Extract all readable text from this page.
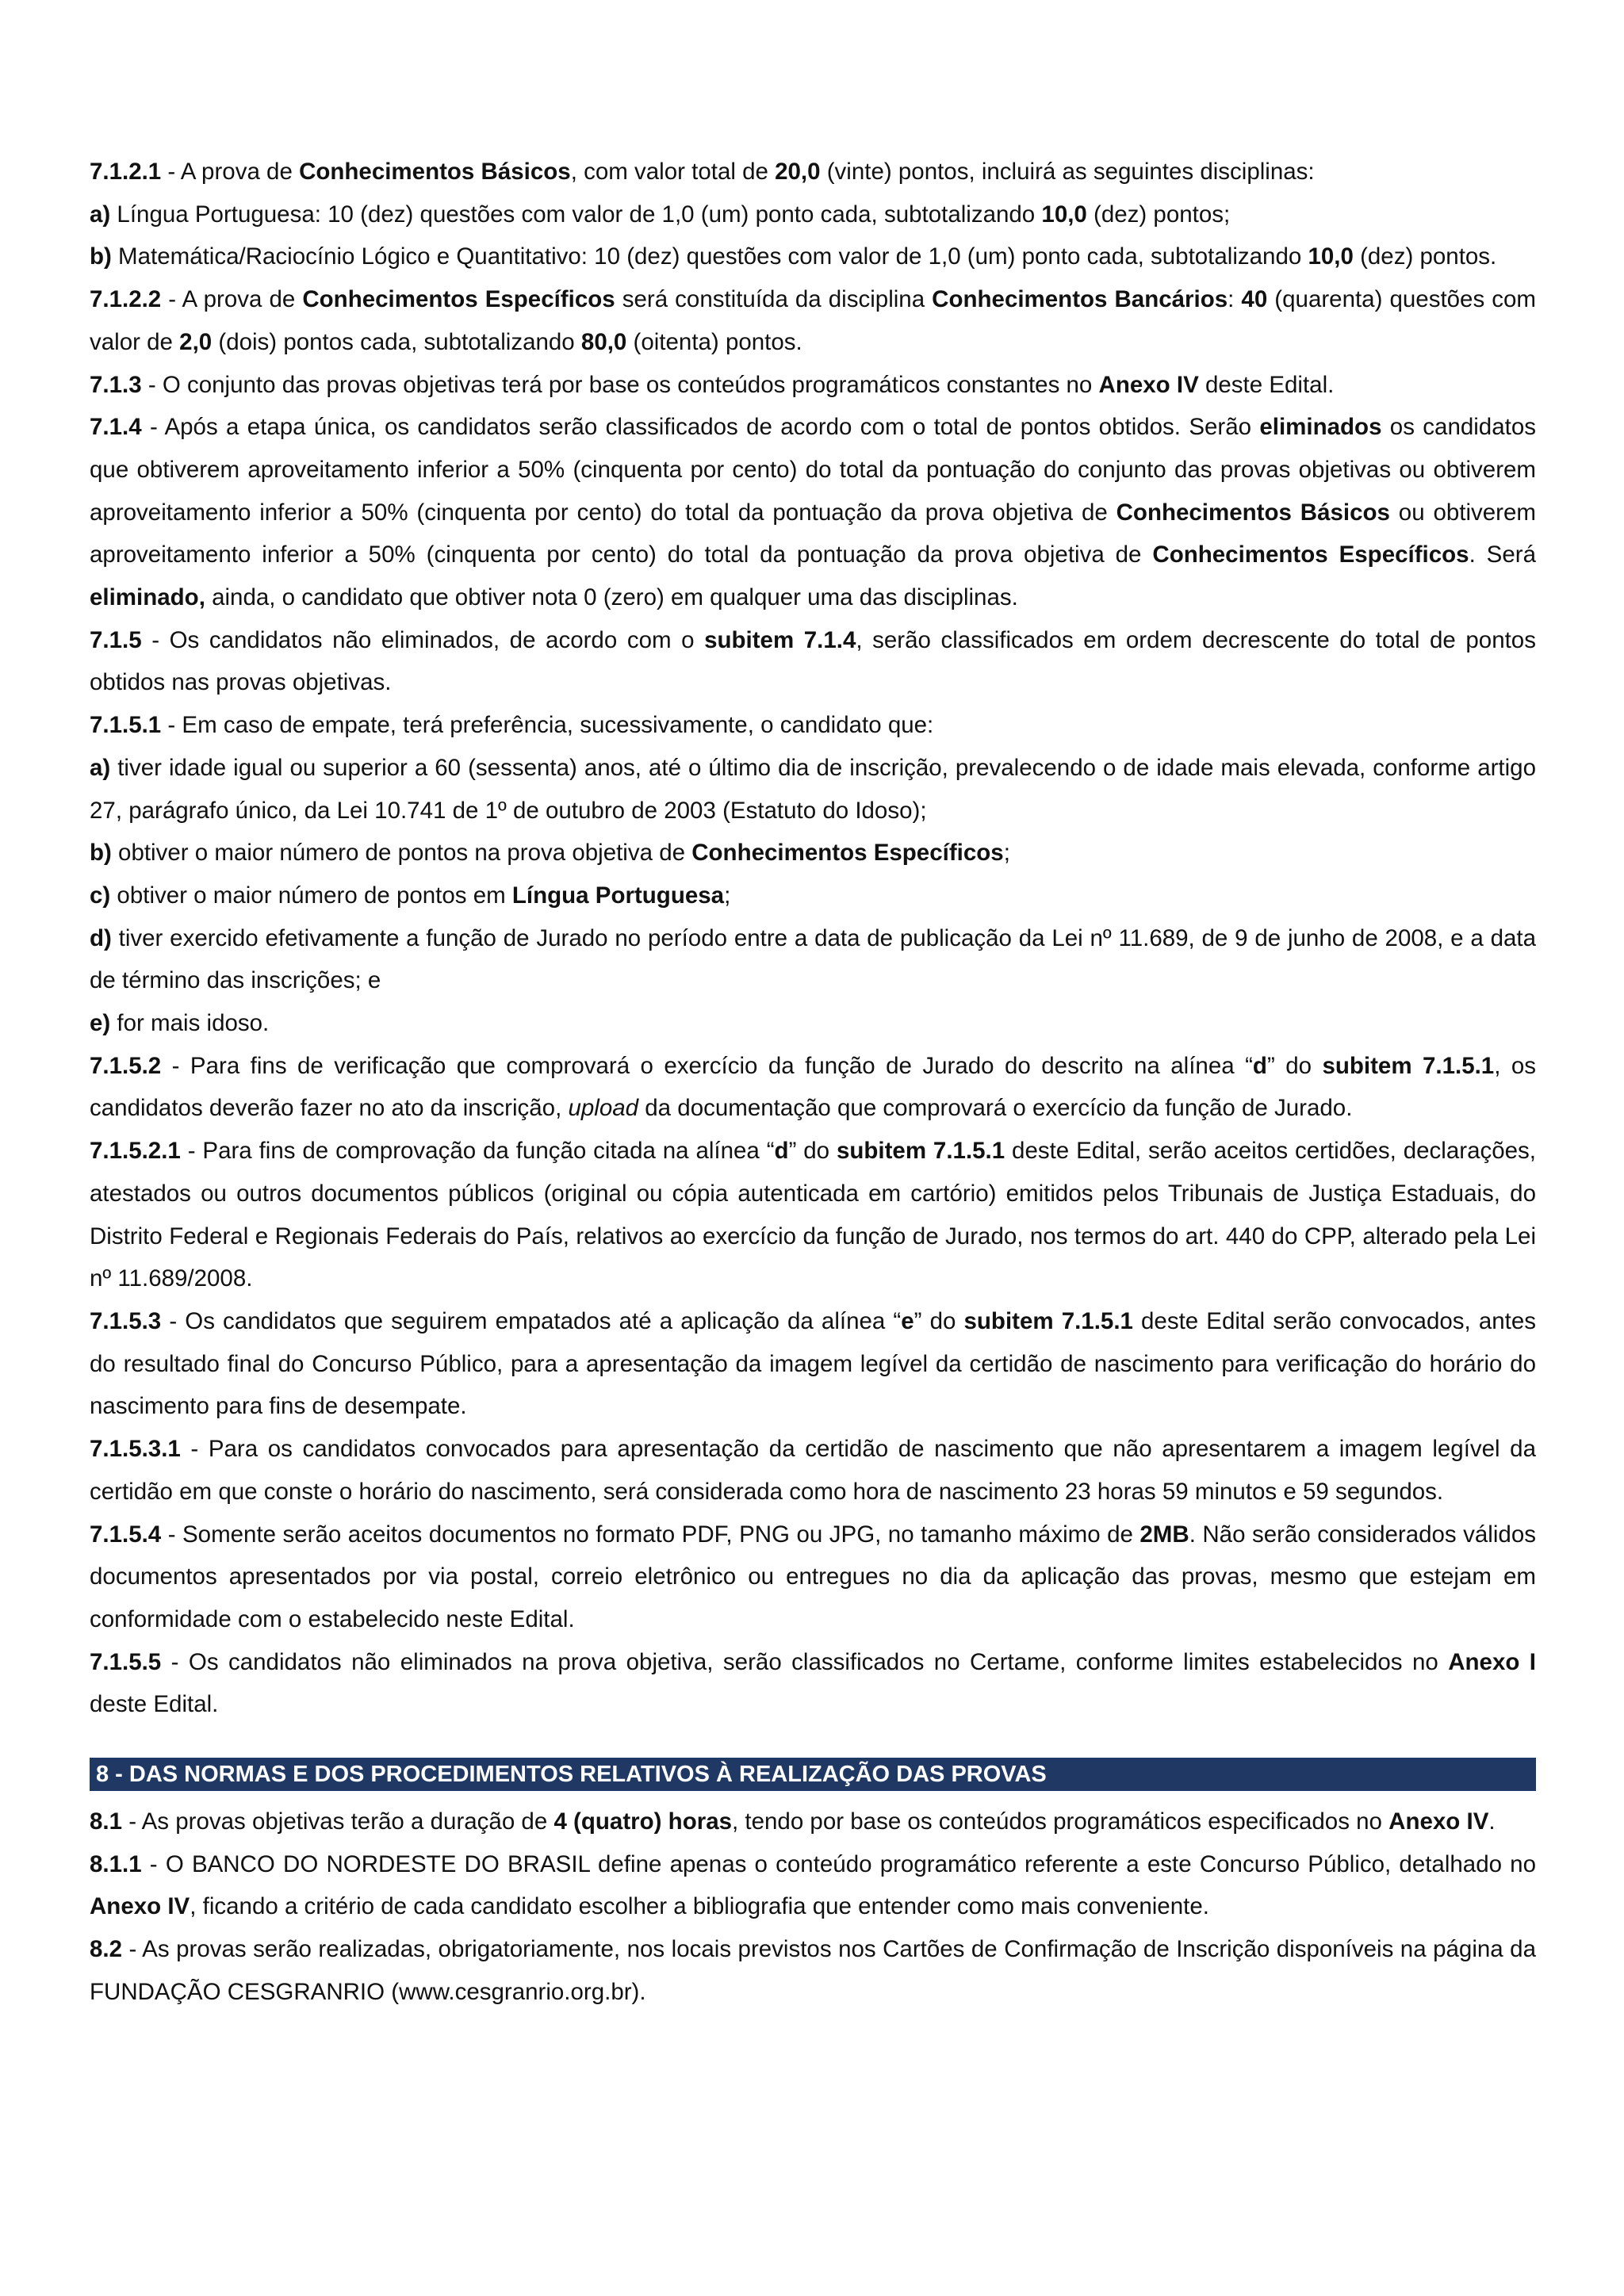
7.1.2.1 - A prova de Conhecimentos Básicos, com valor total de 20,0 (vinte) pontos, incluirá as seguintes disciplinas:

a) Língua Portuguesa: 10 (dez) questões com valor de 1,0 (um) ponto cada, subtotalizando 10,0 (dez) pontos;

b) Matemática/Raciocínio Lógico e Quantitativo: 10 (dez) questões com valor de 1,0 (um) ponto cada, subtotalizando 10,0 (dez) pontos.

7.1.2.2 - A prova de Conhecimentos Específicos será constituída da disciplina Conhecimentos Bancários: 40 (quarenta) questões com valor de 2,0 (dois) pontos cada, subtotalizando 80,0 (oitenta) pontos.

7.1.3 - O conjunto das provas objetivas terá por base os conteúdos programáticos constantes no Anexo IV deste Edital.

7.1.4 - Após a etapa única, os candidatos serão classificados de acordo com o total de pontos obtidos. Serão eliminados os candidatos que obtiverem aproveitamento inferior a 50% (cinquenta por cento) do total da pontuação do conjunto das provas objetivas ou obtiverem aproveitamento inferior a 50% (cinquenta por cento) do total da pontuação da prova objetiva de Conhecimentos Básicos ou obtiverem aproveitamento inferior a 50% (cinquenta por cento) do total da pontuação da prova objetiva de Conhecimentos Específicos. Será eliminado, ainda, o candidato que obtiver nota 0 (zero) em qualquer uma das disciplinas.

7.1.5 - Os candidatos não eliminados, de acordo com o subitem 7.1.4, serão classificados em ordem decrescente do total de pontos obtidos nas provas objetivas.

7.1.5.1 - Em caso de empate, terá preferência, sucessivamente, o candidato que:

a) tiver idade igual ou superior a 60 (sessenta) anos, até o último dia de inscrição, prevalecendo o de idade mais elevada, conforme artigo 27, parágrafo único, da Lei 10.741 de 1º de outubro de 2003 (Estatuto do Idoso);

b) obtiver o maior número de pontos na prova objetiva de Conhecimentos Específicos;

c) obtiver o maior número de pontos em Língua Portuguesa;

d) tiver exercido efetivamente a função de Jurado no período entre a data de publicação da Lei nº 11.689, de 9 de junho de 2008, e a data de término das inscrições; e

e) for mais idoso.

7.1.5.2 - Para fins de verificação que comprovará o exercício da função de Jurado do descrito na alínea “d” do subitem 7.1.5.1, os candidatos deverão fazer no ato da inscrição, upload da documentação que comprovará o exercício da função de Jurado.

7.1.5.2.1 - Para fins de comprovação da função citada na alínea “d” do subitem 7.1.5.1 deste Edital, serão aceitos certidões, declarações, atestados ou outros documentos públicos (original ou cópia autenticada em cartório) emitidos pelos Tribunais de Justiça Estaduais, do Distrito Federal e Regionais Federais do País, relativos ao exercício da função de Jurado, nos termos do art. 440 do CPP, alterado pela Lei nº 11.689/2008.

7.1.5.3 - Os candidatos que seguirem empatados até a aplicação da alínea “e” do subitem 7.1.5.1 deste Edital serão convocados, antes do resultado final do Concurso Público, para a apresentação da imagem legível da certidão de nascimento para verificação do horário do nascimento para fins de desempate.

7.1.5.3.1 - Para os candidatos convocados para apresentação da certidão de nascimento que não apresentarem a imagem legível da certidão em que conste o horário do nascimento, será considerada como hora de nascimento 23 horas 59 minutos e 59 segundos.

7.1.5.4 - Somente serão aceitos documentos no formato PDF, PNG ou JPG, no tamanho máximo de 2MB. Não serão considerados válidos documentos apresentados por via postal, correio eletrônico ou entregues no dia da aplicação das provas, mesmo que estejam em conformidade com o estabelecido neste Edital.

7.1.5.5 - Os candidatos não eliminados na prova objetiva, serão classificados no Certame, conforme limites estabelecidos no Anexo I deste Edital.

8 - DAS NORMAS E DOS PROCEDIMENTOS RELATIVOS À REALIZAÇÃO DAS PROVAS

8.1 - As provas objetivas terão a duração de 4 (quatro) horas, tendo por base os conteúdos programáticos especificados no Anexo IV.

8.1.1 - O BANCO DO NORDESTE DO BRASIL define apenas o conteúdo programático referente a este Concurso Público, detalhado no Anexo IV, ficando a critério de cada candidato escolher a bibliografia que entender como mais conveniente.

8.2 - As provas serão realizadas, obrigatoriamente, nos locais previstos nos Cartões de Confirmação de Inscrição disponíveis na página da FUNDAÇÃO CESGRANRIO (www.cesgranrio.org.br).
